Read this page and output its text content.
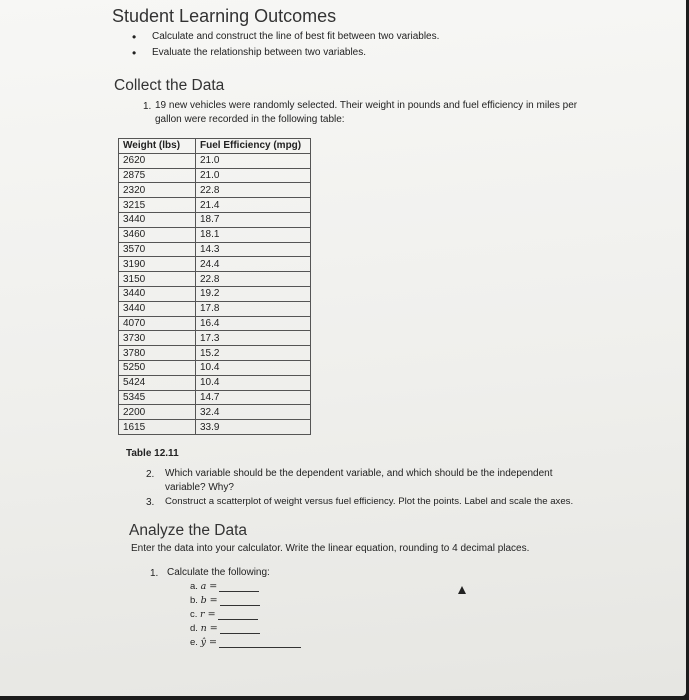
Student Learning Outcomes
• Calculate and construct the line of best fit between two variables.
• Evaluate the relationship between two variables.
Collect the Data
1. 19 new vehicles were randomly selected. Their weight in pounds and fuel efficiency in miles per
gallon were recorded in the following table:
Weight (lbs)	Fuel Efficiency (mpg)
2620	21.0
2875	21.0
2320	22.8
3215	21.4
3440	18.7
3460	18.1
3570	14.3
3190	24.4
3150	22.8
3440	19.2
3440	17.8
4070	16.4
3730	17.3
3780	15.2
5250	10.4
5424	10.4
5345	14.7
2200	32.4
1615	33.9
Table 12.11
2. Which variable should be the dependent variable, and which should be the independent
variable? Why?
3. Construct a scatterplot of weight versus fuel efficiency. Plot the points. Label and scale the axes.
Analyze the Data
Enter the data into your calculator. Write the linear equation, rounding to 4 decimal places.
1. Calculate the following:
a. a =
b. b =
c. r =
d. n =
e. ŷ =
